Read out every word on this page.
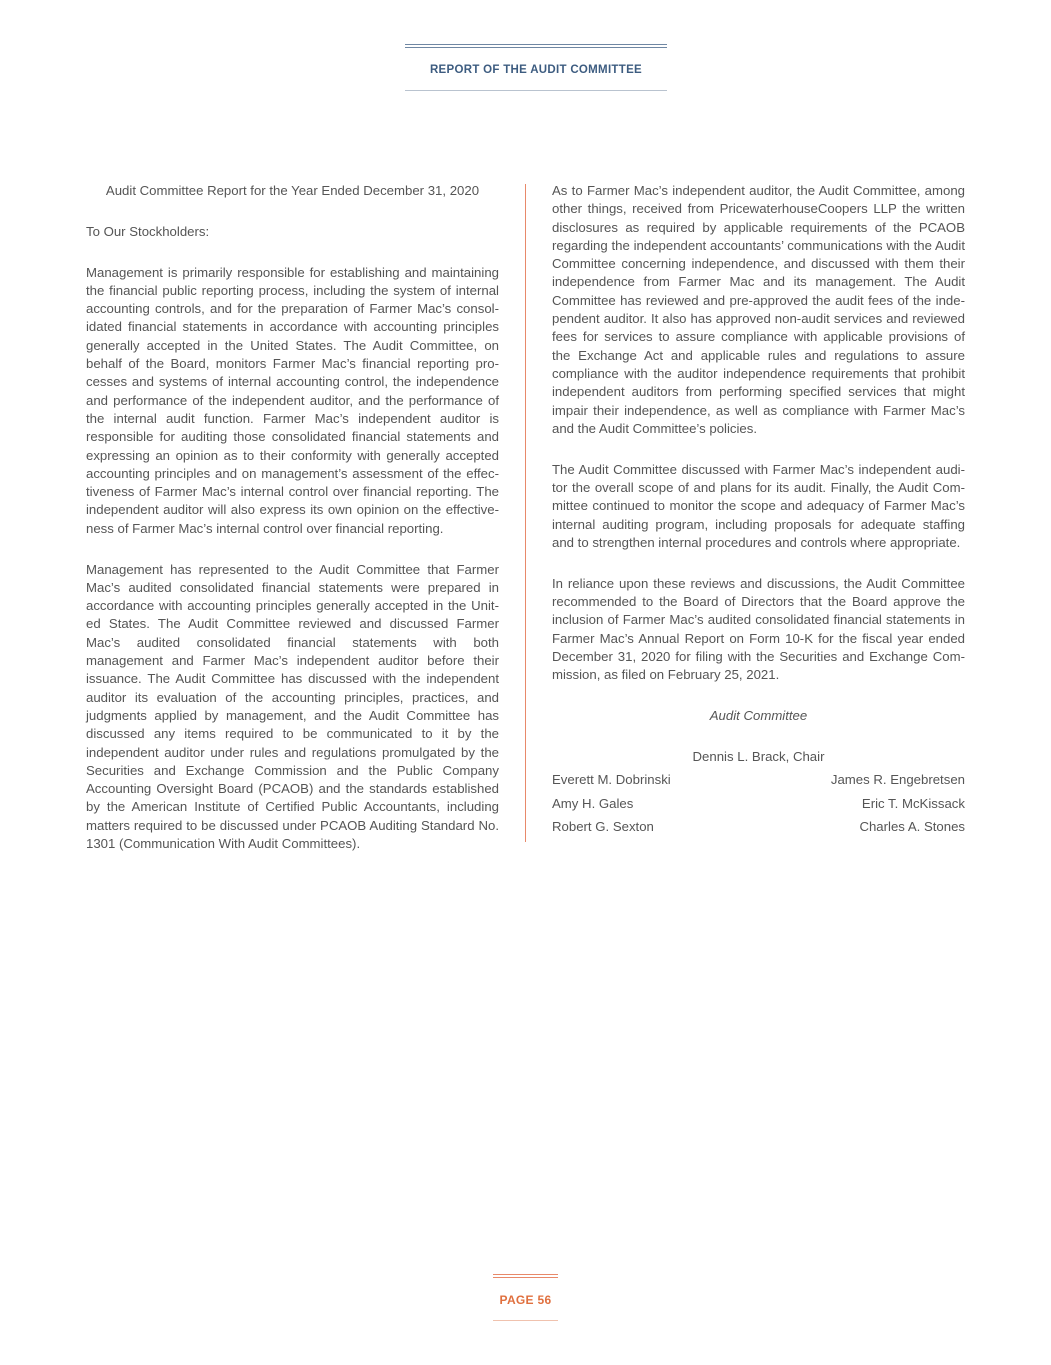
REPORT OF THE AUDIT COMMITTEE

Audit Committee Report for the Year Ended December 31, 2020

To Our Stockholders:

Management is primarily responsible for establishing and maintaining the financial public reporting process, including the system of internal accounting controls, and for the preparation of Farmer Mac’s consolidated financial statements in accordance with accounting principles generally accepted in the United States. The Audit Committee, on behalf of the Board, monitors Farmer Mac’s financial reporting processes and systems of internal accounting control, the independence and performance of the independent auditor, and the performance of the internal audit function. Farmer Mac’s independent auditor is responsible for auditing those consolidated financial statements and expressing an opinion as to their conformity with generally accepted accounting principles and on management’s assessment of the effectiveness of Farmer Mac’s internal control over financial reporting. The independent auditor will also express its own opinion on the effectiveness of Farmer Mac’s internal control over financial reporting.

Management has represented to the Audit Committee that Farmer Mac’s audited consolidated financial statements were prepared in accordance with accounting principles generally accepted in the United States. The Audit Committee reviewed and discussed Farmer Mac’s audited consolidated financial statements with both management and Farmer Mac’s independent auditor before their issuance. The Audit Committee has discussed with the independent auditor its evaluation of the accounting principles, practices, and judgments applied by management, and the Audit Committee has discussed any items required to be communicated to it by the independent auditor under rules and regulations promulgated by the Securities and Exchange Commission and the Public Company Accounting Oversight Board (PCAOB) and the standards established by the American Institute of Certified Public Accountants, including matters required to be discussed under PCAOB Auditing Standard No. 1301 (Communication With Audit Committees).

As to Farmer Mac’s independent auditor, the Audit Committee, among other things, received from PricewaterhouseCoopers LLP the written disclosures as required by applicable requirements of the PCAOB regarding the independent accountants’ communications with the Audit Committee concerning independence, and discussed with them their independence from Farmer Mac and its management. The Audit Committee has reviewed and pre-approved the audit fees of the independent auditor. It also has approved non-audit services and reviewed fees for services to assure compliance with applicable provisions of the Exchange Act and applicable rules and regulations to assure compliance with the auditor independence requirements that prohibit independent auditors from performing specified services that might impair their independence, as well as compliance with Farmer Mac’s and the Audit Committee’s policies.

The Audit Committee discussed with Farmer Mac’s independent auditor the overall scope of and plans for its audit. Finally, the Audit Committee continued to monitor the scope and adequacy of Farmer Mac’s internal auditing program, including proposals for adequate staffing and to strengthen internal procedures and controls where appropriate.

In reliance upon these reviews and discussions, the Audit Committee recommended to the Board of Directors that the Board approve the inclusion of Farmer Mac’s audited consolidated financial statements in Farmer Mac’s Annual Report on Form 10-K for the fiscal year ended December 31, 2020 for filing with the Securities and Exchange Commission, as filed on February 25, 2021.

Audit Committee

Dennis L. Brack, Chair
Everett M. Dobrinski	James R. Engebretsen
Amy H. Gales	Eric T. McKissack
Robert G. Sexton	Charles A. Stones
PAGE 56
